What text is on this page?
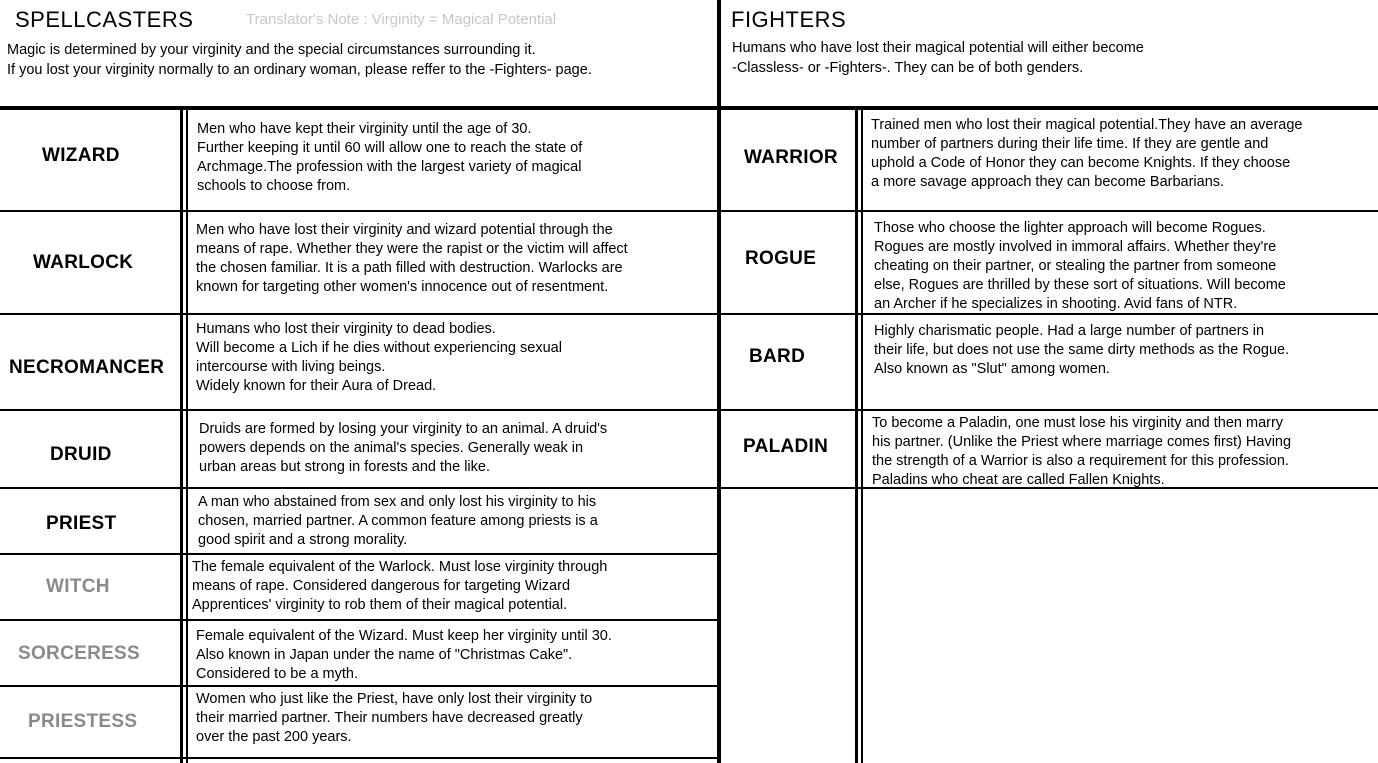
SPELLCASTERS	Translator's Note : Virginity = Magical Potential
Magic is determined by your virginity and the special circumstances surrounding it.
If you lost your virginity normally to an ordinary woman, please reffer to the -Fighters- page.
FIGHTERS
Humans who have lost their magical potential will either become
-Classless- or -Fighters-. They can be of both genders.
WIZARD
Men who have kept their virginity until the age of 30.
Further keeping it until 60 will allow one to reach the state of
Archmage.The profession with the largest variety of magical
schools to choose from.
WARLOCK
Men who have lost their virginity and wizard potential through the
means of rape. Whether they were the rapist or the victim will affect
the chosen familiar. It is a path filled with destruction. Warlocks are
known for targeting other women's innocence out of resentment.
NECROMANCER
Humans who lost their virginity to dead bodies.
Will become a Lich if he dies without experiencing sexual
intercourse with living beings.
Widely known for their Aura of Dread.
DRUID
Druids are formed by losing your virginity to an animal. A druid's
powers depends on the animal's species. Generally weak in
urban areas but strong in forests and the like.
PRIEST
A man who abstained from sex and only lost his virginity to his
chosen, married partner. A common feature among priests is a
good spirit and a strong morality.
WITCH
The female equivalent of the Warlock. Must lose virginity through
means of rape. Considered dangerous for targeting Wizard
Apprentices' virginity to rob them of their magical potential.
SORCERESS
Female equivalent of the Wizard. Must keep her virginity until 30.
Also known in Japan under the name of "Christmas Cake".
Considered to be a myth.
PRIESTESS
Women who just like the Priest, have only lost their virginity to
their married partner. Their numbers have decreased greatly
over the past 200 years.
WARRIOR
Trained men who lost their magical potential.They have an average
number of partners during their life time. If they are gentle and
uphold a Code of Honor they can become Knights. If they choose
a more savage approach they can become Barbarians.
ROGUE
Those who choose the lighter approach will become Rogues.
Rogues are mostly involved in immoral affairs. Whether they're
cheating on their partner, or stealing the partner from someone
else, Rogues are thrilled by these sort of situations. Will become
an Archer if he specializes in shooting. Avid fans of NTR.
BARD
Highly charismatic people. Had a large number of partners in
their life, but does not use the same dirty methods as the Rogue.
Also known as "Slut" among women.
PALADIN
To become a Paladin, one must lose his virginity and then marry
his partner. (Unlike the Priest where marriage comes first) Having
the strength of a Warrior is also a requirement for this profession.
Paladins who cheat are called Fallen Knights.
